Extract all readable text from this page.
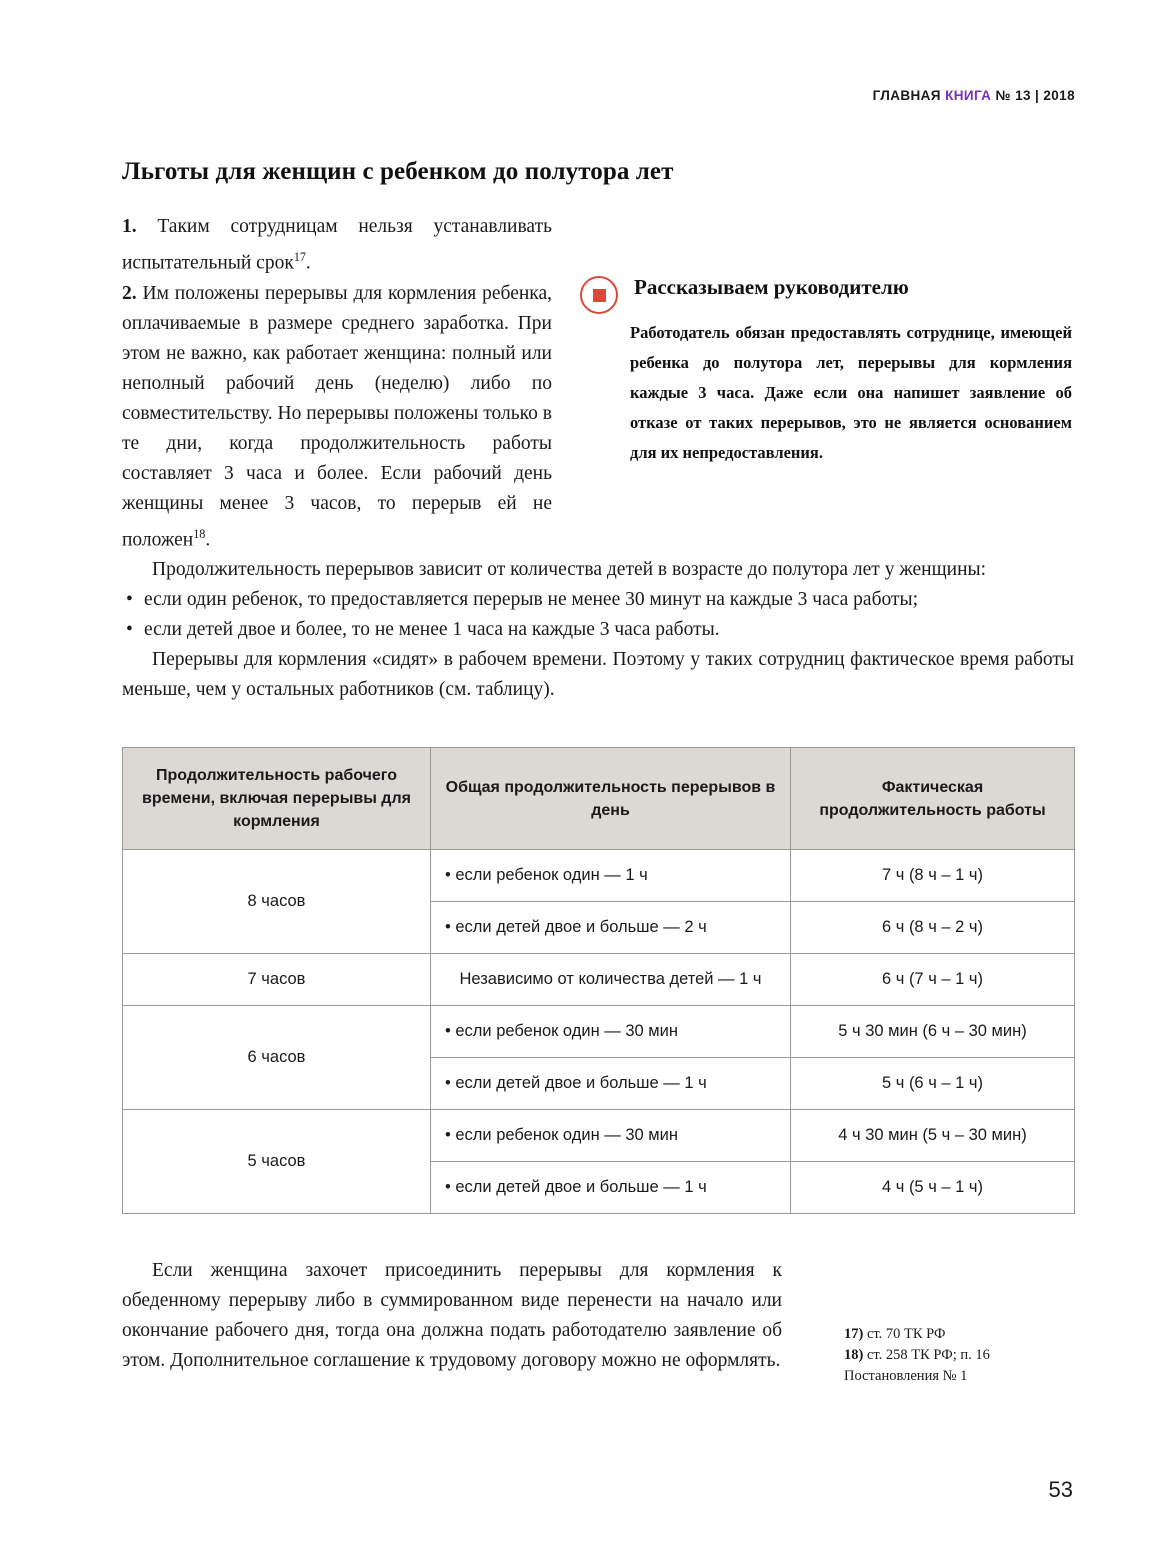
ГЛАВНАЯ КНИГА № 13 | 2018
Льготы для женщин с ребенком до полутора лет

1. Таким сотрудницам нельзя устанавливать испытательный срок$^{17}$.

2. Им положены перерывы для кормления ребенка, оплачиваемые в размере среднего заработка. При этом не важно, как работает женщина: полный или неполный рабочий день (неделю) либо по совместительству. Но перерывы положены только в те дни, когда продолжительность работы составляет 3 часа и более. Если рабочий день женщины менее 3 часов, то перерыв ей не положен$^{18}$.

Рассказываем руководителю
Работодатель обязан предоставлять сотруднице, имеющей ребенка до полутора лет, перерывы для кормления каждые 3 часа. Даже если она напишет заявление об отказе от таких перерывов, это не является основанием для их непредоставления.

Продолжительность перерывов зависит от количества детей в возрасте до полутора лет у женщины:

• если один ребенок, то предоставляется перерыв не менее 30 минут на каждые 3 часа работы;
• если детей двое и более, то не менее 1 часа на каждые 3 часа работы.

Перерывы для кормления «сидят» в рабочем времени. Поэтому у таких сотрудниц фактическое время работы меньше, чем у остальных работников (см. таблицу).

Продолжительность рабочего времени, включая перерывы для кормления	Общая продолжительность перерывов в день	Фактическая продолжительность работы
8 часов	• если ребенок один — 1 ч	7 ч (8 ч – 1 ч)
	• если детей двое и больше — 2 ч	6 ч (8 ч – 2 ч)
7 часов	Независимо от количества детей — 1 ч	6 ч (7 ч – 1 ч)
6 часов	• если ребенок один — 30 мин	5 ч 30 мин (6 ч – 30 мин)
	• если детей двое и больше — 1 ч	5 ч (6 ч – 1 ч)
5 часов	• если ребенок один — 30 мин	4 ч 30 мин (5 ч – 30 мин)
	• если детей двое и больше — 1 ч	4 ч (5 ч – 1 ч)

Если женщина захочет присоединить перерывы для кормления к обеденному перерыву либо в суммированном виде перенести на начало или окончание рабочего дня, тогда она должна подать работодателю заявление об этом. Дополнительное соглашение к трудовому договору можно не оформлять.

17) ст. 70 ТК РФ
18) ст. 258 ТК РФ; п. 16
Постановления № 1
53
